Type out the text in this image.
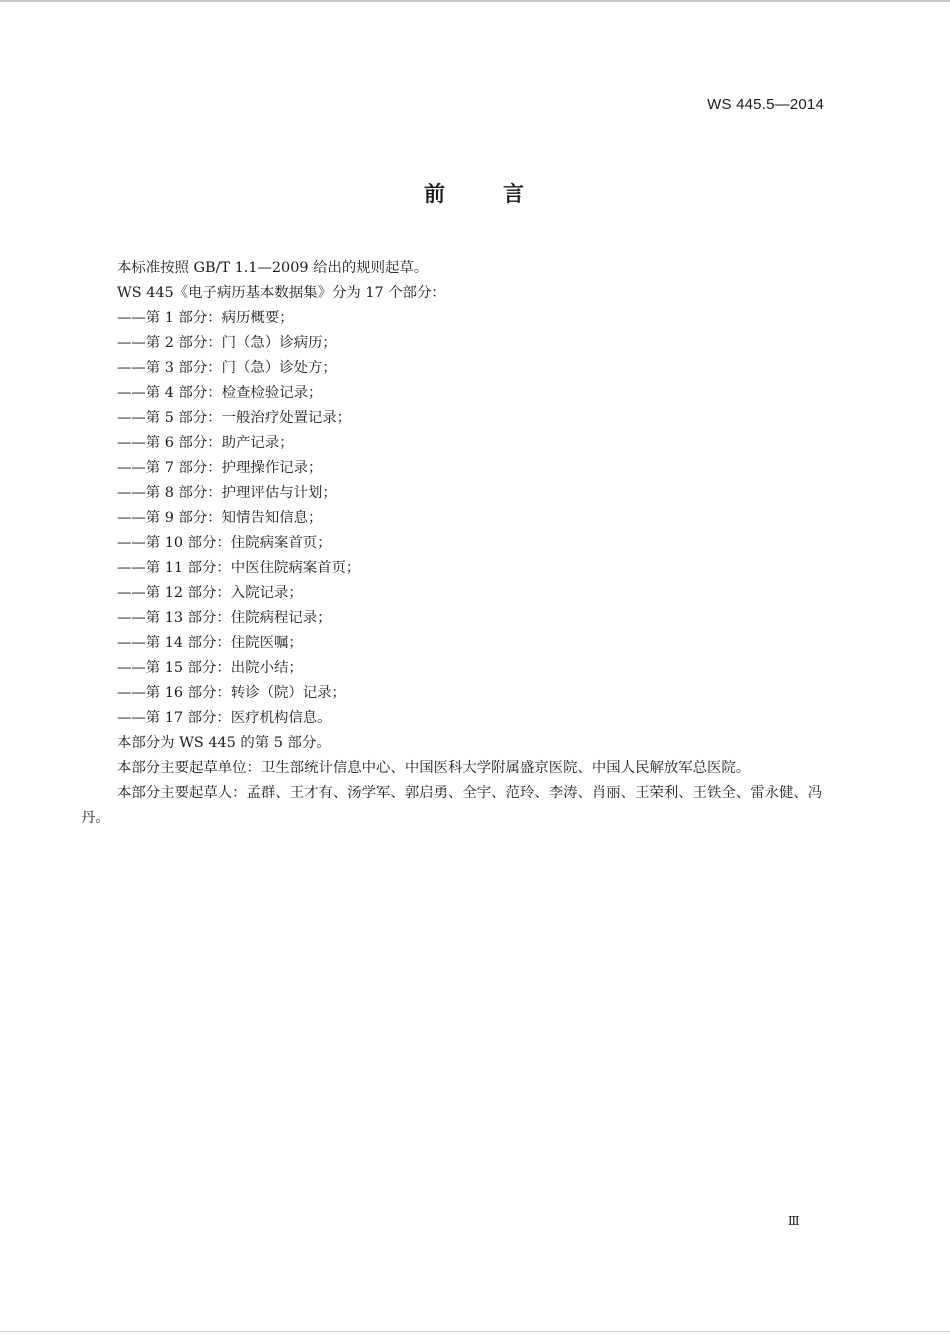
WS 445.5—2014
前	言

本标准按照 GB/T 1.1—2009 给出的规则起草。

WS 445《电子病历基本数据集》分为 17 个部分：

——第 1 部分：病历概要；

——第 2 部分：门（急）诊病历；

——第 3 部分：门（急）诊处方；

——第 4 部分：检查检验记录；

——第 5 部分：一般治疗处置记录；

——第 6 部分：助产记录；

——第 7 部分：护理操作记录；

——第 8 部分：护理评估与计划；

——第 9 部分：知情告知信息；

——第 10 部分：住院病案首页；

——第 11 部分：中医住院病案首页；

——第 12 部分：入院记录；

——第 13 部分：住院病程记录；

——第 14 部分：住院医嘱；

——第 15 部分：出院小结；

——第 16 部分：转诊（院）记录；

——第 17 部分：医疗机构信息。

本部分为 WS 445 的第 5 部分。

本部分主要起草单位：卫生部统计信息中心、中国医科大学附属盛京医院、中国人民解放军总医院。

本部分主要起草人：孟群、王才有、汤学军、郭启勇、全宇、范玲、李涛、肖丽、王荣利、王铁全、雷永健、冯丹。

Ⅲ
